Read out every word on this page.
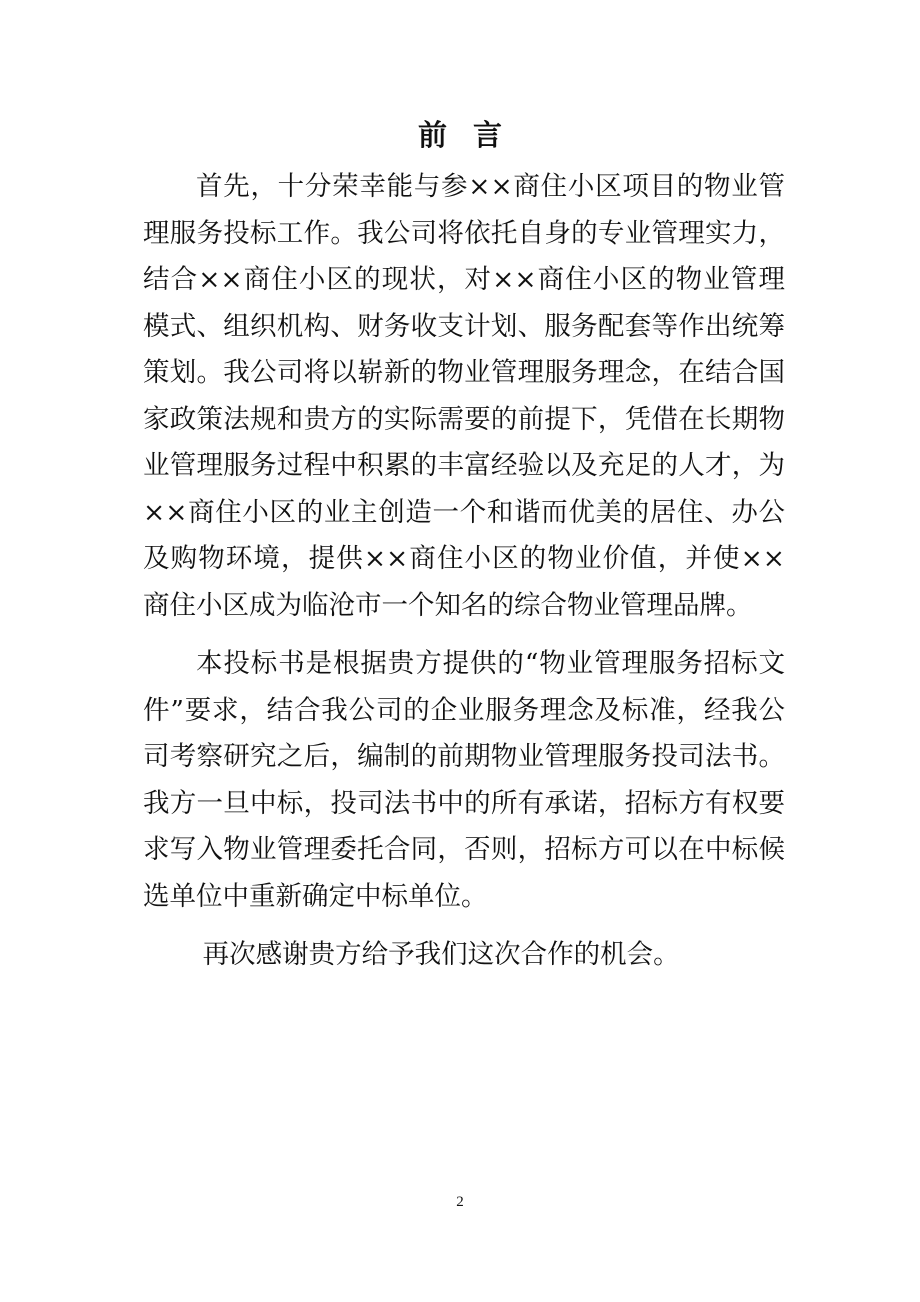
前言

首先，十分荣幸能与参××商住小区项目的物业管理服务投标工作。我公司将依托自身的专业管理实力，结合××商住小区的现状，对××商住小区的物业管理模式、组织机构、财务收支计划、服务配套等作出统筹策划。我公司将以崭新的物业管理服务理念，在结合国家政策法规和贵方的实际需要的前提下，凭借在长期物业管理服务过程中积累的丰富经验以及充足的人才，为××商住小区的业主创造一个和谐而优美的居住、办公及购物环境，提供××商住小区的物业价值，并使××商住小区成为临沧市一个知名的综合物业管理品牌。

本投标书是根据贵方提供的“物业管理服务招标文件”要求，结合我公司的企业服务理念及标准，经我公司考察研究之后，编制的前期物业管理服务投司法书。我方一旦中标，投司法书中的所有承诺，招标方有权要求写入物业管理委托合同，否则，招标方可以在中标候选单位中重新确定中标单位。

再次感谢贵方给予我们这次合作的机会。

2
